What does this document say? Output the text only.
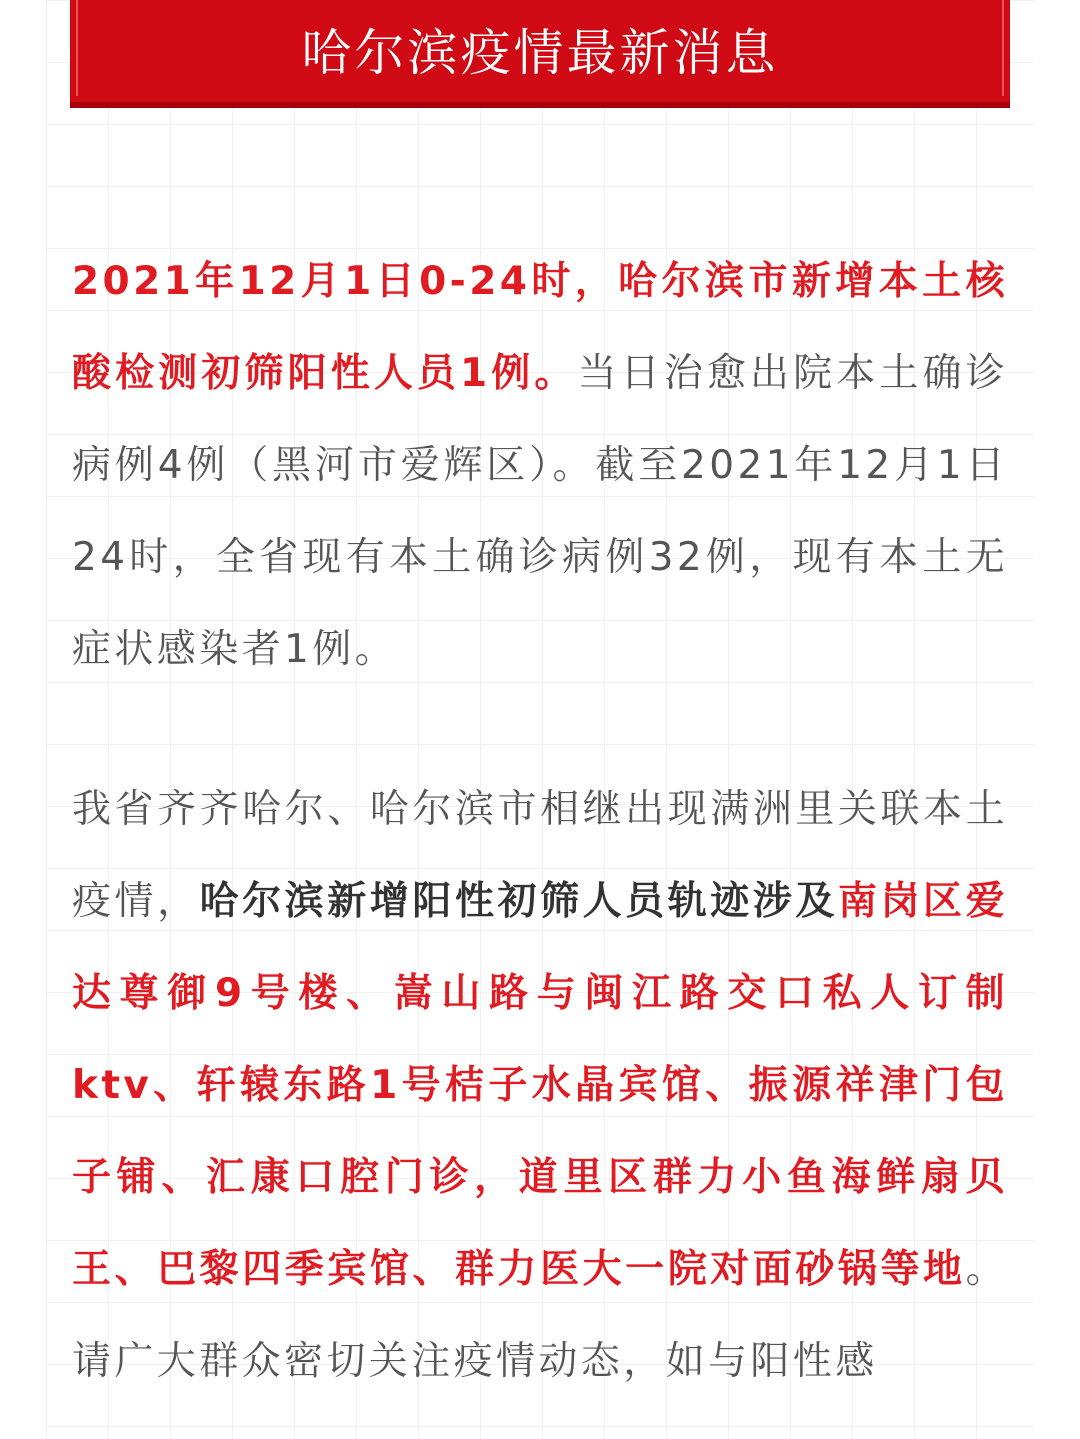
哈尔滨疫情最新消息

2021年12月1日0-24时，哈尔滨市新增本土核酸检测初筛阳性人员1例。当日治愈出院本土确诊病例4例（黑河市爱辉区）。截至2021年12月1日24时，全省现有本土确诊病例32例，现有本土无症状感染者1例。

我省齐齐哈尔、哈尔滨市相继出现满洲里关联本土疫情，哈尔滨新增阳性初筛人员轨迹涉及南岗区爱达尊御9号楼、嵩山路与闽江路交口私人订制ktv、轩辕东路1号桔子水晶宾馆、振源祥津门包子铺、汇康口腔门诊，道里区群力小鱼海鲜扇贝王、巴黎四季宾馆、群力医大一院对面砂锅等地。请广大群众密切关注疫情动态，如与阳性感
